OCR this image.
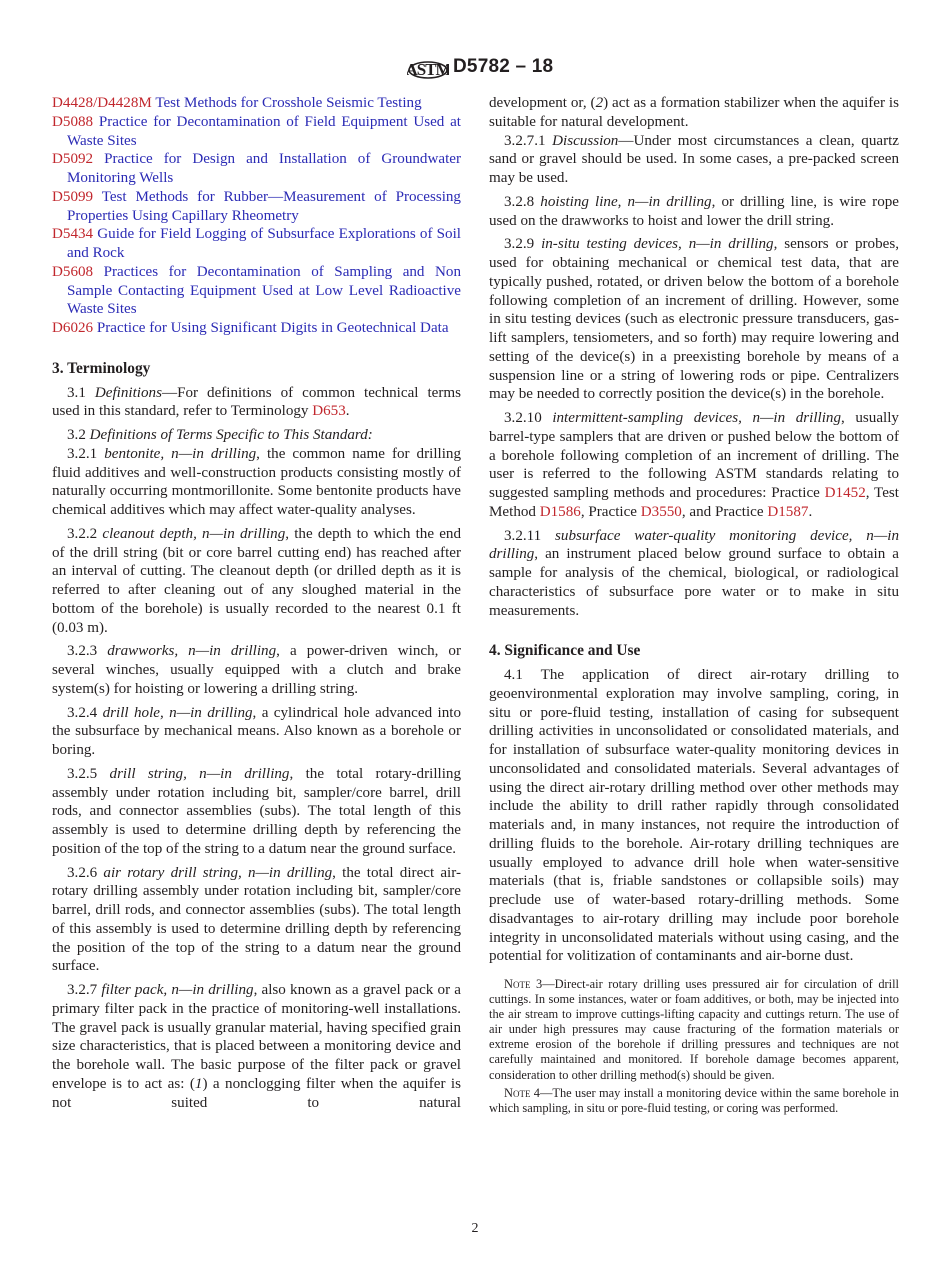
ASTM D5782 – 18

D4428/D4428M Test Methods for Crosshole Seismic Testing

D5088 Practice for Decontamination of Field Equipment Used at Waste Sites

D5092 Practice for Design and Installation of Groundwater Monitoring Wells

D5099 Test Methods for Rubber—Measurement of Processing Properties Using Capillary Rheometry

D5434 Guide for Field Logging of Subsurface Explorations of Soil and Rock

D5608 Practices for Decontamination of Sampling and Non Sample Contacting Equipment Used at Low Level Radioactive Waste Sites

D6026 Practice for Using Significant Digits in Geotechnical Data

3. Terminology

3.1 Definitions—For definitions of common technical terms used in this standard, refer to Terminology D653.

3.2 Definitions of Terms Specific to This Standard:

3.2.1 bentonite, n—in drilling, the common name for drilling fluid additives and well-construction products consisting mostly of naturally occurring montmorillonite. Some bentonite products have chemical additives which may affect water-quality analyses.

3.2.2 cleanout depth, n—in drilling, the depth to which the end of the drill string (bit or core barrel cutting end) has reached after an interval of cutting. The cleanout depth (or drilled depth as it is referred to after cleaning out of any sloughed material in the bottom of the borehole) is usually recorded to the nearest 0.1 ft (0.03 m).

3.2.3 drawworks, n—in drilling, a power-driven winch, or several winches, usually equipped with a clutch and brake system(s) for hoisting or lowering a drilling string.

3.2.4 drill hole, n—in drilling, a cylindrical hole advanced into the subsurface by mechanical means. Also known as a borehole or boring.

3.2.5 drill string, n—in drilling, the total rotary-drilling assembly under rotation including bit, sampler/core barrel, drill rods, and connector assemblies (subs). The total length of this assembly is used to determine drilling depth by referencing the position of the top of the string to a datum near the ground surface.

3.2.6 air rotary drill string, n—in drilling, the total direct air-rotary drilling assembly under rotation including bit, sampler/core barrel, drill rods, and connector assemblies (subs). The total length of this assembly is used to determine drilling depth by referencing the position of the top of the string to a datum near the ground surface.

3.2.7 filter pack, n—in drilling, also known as a gravel pack or a primary filter pack in the practice of monitoring-well installations. The gravel pack is usually granular material, having specified grain size characteristics, that is placed between a monitoring device and the borehole wall. The basic purpose of the filter pack or gravel envelope is to act as: (1) a nonclogging filter when the aquifer is not suited to natural

development or, (2) act as a formation stabilizer when the aquifer is suitable for natural development.

3.2.7.1 Discussion—Under most circumstances a clean, quartz sand or gravel should be used. In some cases, a pre-packed screen may be used.

3.2.8 hoisting line, n—in drilling, or drilling line, is wire rope used on the drawworks to hoist and lower the drill string.

3.2.9 in-situ testing devices, n—in drilling, sensors or probes, used for obtaining mechanical or chemical test data, that are typically pushed, rotated, or driven below the bottom of a borehole following completion of an increment of drilling. However, some in situ testing devices (such as electronic pressure transducers, gas-lift samplers, tensiometers, and so forth) may require lowering and setting of the device(s) in a preexisting borehole by means of a suspension line or a string of lowering rods or pipe. Centralizers may be needed to correctly position the device(s) in the borehole.

3.2.10 intermittent-sampling devices, n—in drilling, usually barrel-type samplers that are driven or pushed below the bottom of a borehole following completion of an increment of drilling. The user is referred to the following ASTM standards relating to suggested sampling methods and procedures: Practice D1452, Test Method D1586, Practice D3550, and Practice D1587.

3.2.11 subsurface water-quality monitoring device, n—in drilling, an instrument placed below ground surface to obtain a sample for analysis of the chemical, biological, or radiological characteristics of subsurface pore water or to make in situ measurements.

4. Significance and Use

4.1 The application of direct air-rotary drilling to geoenvironmental exploration may involve sampling, coring, in situ or pore-fluid testing, installation of casing for subsequent drilling activities in unconsolidated or consolidated materials, and for installation of subsurface water-quality monitoring devices in unconsolidated and consolidated materials. Several advantages of using the direct air-rotary drilling method over other methods may include the ability to drill rather rapidly through consolidated materials and, in many instances, not require the introduction of drilling fluids to the borehole. Air-rotary drilling techniques are usually employed to advance drill hole when water-sensitive materials (that is, friable sandstones or collapsible soils) may preclude use of water-based rotary-drilling methods. Some disadvantages to air-rotary drilling may include poor borehole integrity in unconsolidated materials without using casing, and the potential for volitization of contaminants and air-borne dust.

Note 3—Direct-air rotary drilling uses pressured air for circulation of drill cuttings. In some instances, water or foam additives, or both, may be injected into the air stream to improve cuttings-lifting capacity and cuttings return. The use of air under high pressures may cause fracturing of the formation materials or extreme erosion of the borehole if drilling pressures and techniques are not carefully maintained and monitored. If borehole damage becomes apparent, consideration to other drilling method(s) should be given.

Note 4—The user may install a monitoring device within the same borehole in which sampling, in situ or pore-fluid testing, or coring was performed.

2
